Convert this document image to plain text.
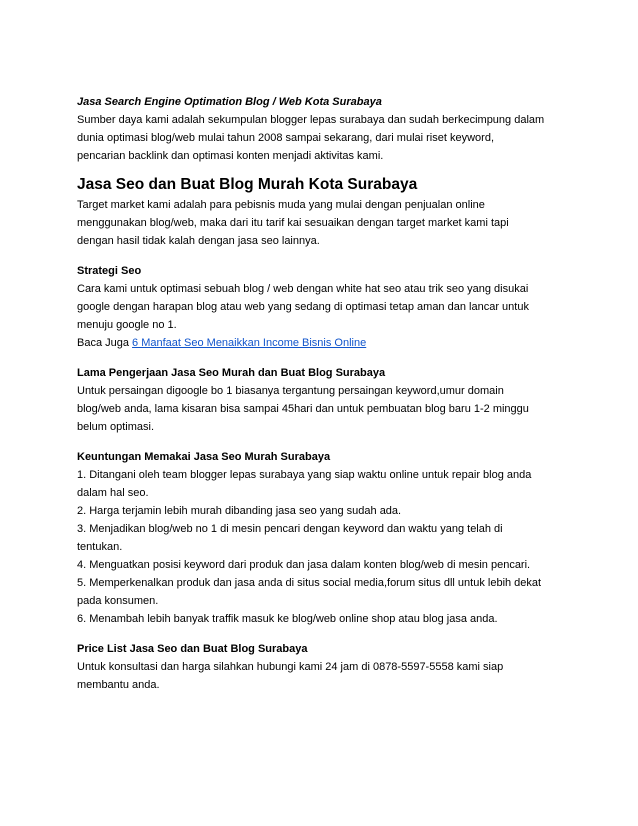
Jasa Search Engine Optimation Blog / Web Kota Surabaya

Sumber daya kami adalah sekumpulan blogger lepas surabaya dan sudah berkecimpung dalam

dunia optimasi blog/web mulai tahun 2008 sampai sekarang, dari mulai riset keyword,

pencarian backlink dan optimasi konten menjadi aktivitas kami.

Jasa Seo dan Buat Blog Murah Kota Surabaya

Target market kami adalah para pebisnis muda yang mulai dengan penjualan online

menggunakan blog/web, maka dari itu tarif kai sesuaikan dengan target market kami tapi

dengan hasil tidak kalah dengan jasa seo lainnya.

Strategi Seo

Cara kami untuk optimasi sebuah blog / web dengan white hat seo atau trik seo yang disukai

google dengan harapan blog atau web yang sedang di optimasi tetap aman dan lancar untuk

menuju google no 1.

Baca Juga 6 Manfaat Seo Menaikkan Income Bisnis Online

Lama Pengerjaan Jasa Seo Murah dan Buat Blog Surabaya

Untuk persaingan digoogle bo 1 biasanya tergantung persaingan keyword,umur domain

blog/web anda, lama kisaran bisa sampai 45hari dan untuk pembuatan blog baru 1-2 minggu

belum optimasi.

Keuntungan Memakai Jasa Seo Murah Surabaya

1. Ditangani oleh team blogger lepas surabaya yang siap waktu online untuk repair blog anda

dalam hal seo.

2. Harga terjamin lebih murah dibanding jasa seo yang sudah ada.

3. Menjadikan blog/web no 1 di mesin pencari dengan keyword dan waktu yang telah di

tentukan.

4. Menguatkan posisi keyword dari produk dan jasa dalam konten blog/web di mesin pencari.

5. Memperkenalkan produk dan jasa anda di situs social media,forum situs dll untuk lebih dekat

pada konsumen.

6. Menambah lebih banyak traffik masuk ke blog/web online shop atau blog jasa anda.

Price List Jasa Seo dan Buat Blog Surabaya

Untuk konsultasi dan harga silahkan hubungi kami 24 jam di 0878-5597-5558 kami siap

membantu anda.
